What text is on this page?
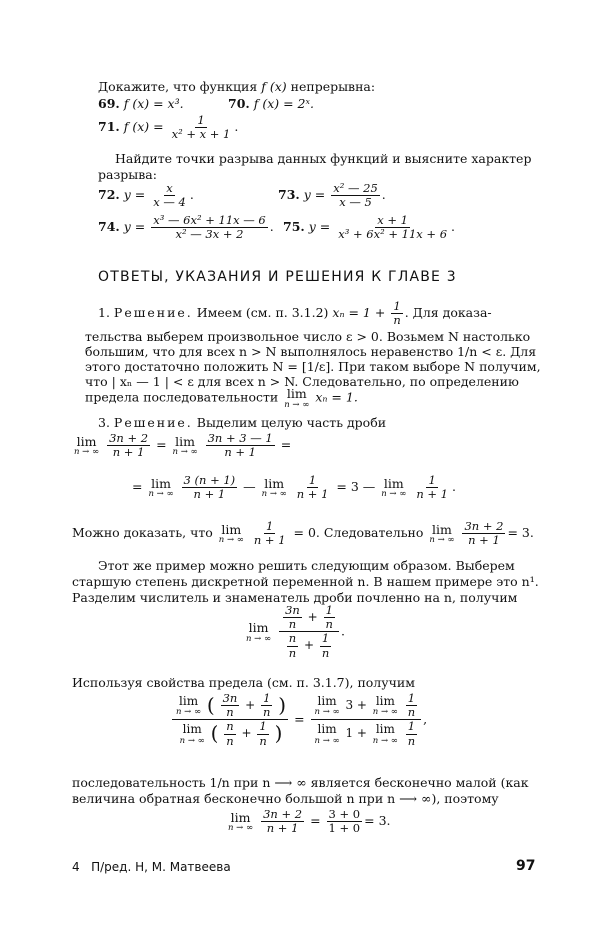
Докажите, что функция f (x) непрерывна:
69. f (x) = x³.	70. f (x) = 2ˣ.
71. f $(x) = \frac{1}{\text{x² + x + 1}}$ .
Найдите точки разрыва данных функций и выясните характер
разрыва:
72. $y = \frac{x}{x — 4}$ .	73. $y = \frac{\text{x² — 25}}{x — 5}$ .
74. $y = \frac{\text{x³ — 6x² + 11x — 6}}{\text{x² — 3x + 2}}$ . 75. $y = \frac{x + 1}{\text{x³ + 6x² + 11x + 6}}$ .
ОТВЕТЫ, УКАЗАНИЯ И РЕШЕНИЯ К ГЛАВЕ 3
1. Решение. Имеем (см. п. 3.1.2) $x_n = 1 + \frac{1}{n}$ . Для доказа-
тельства выберем произвольное число ε > 0. Возьмем N настолько
большим, что для всех n > N выполнялось неравенство 1/n < ε. Для
этого достаточно положить N = [1/ε]. При таком выборе N получим,
что | xₙ — 1 | < ε для всех n > N. Следовательно, по определению
предела последовательности lim
n → ∞
xₙ = 1.
3. Решение. Выделим целую часть дроби
lim
n → ∞
$\frac{3n + 2}{n + 1} = \lim$
n → ∞
$\frac{3n + 3 — 1}{n + 1}$ =
= lim
n → ∞
$\frac{3 (n + 1)}{n + 1}$ — lim
n → ∞
$\frac{1}{n + 1} = 3$ — lim
n → ∞
$\frac{1}{n + 1}$ .
Можно доказать, что lim
n → ∞
$\frac{1}{n + 1} = 0$. Следовательно lim
n → ∞
$\frac{3n + 2}{n + 1} = 3$.
Этот же пример можно решить следующим образом. Выберем
старшую степень дискретной переменной n. В нашем примере это n¹.
Разделим числитель и знаменатель дроби почленно на n, получим
lim
n → ∞
$\frac{\frac{3n}{n} + \frac{1}{n}}{\frac{n}{n} + \frac{1}{n}}$ .
Используя свойства предела (см. п. 3.1.7), получим
lim
n → ∞ ( $\frac{3n}{n} + \frac{1}{n}$ )
lim
n → ∞ ( $\frac{n}{n} + \frac{1}{n}$ )
= lim
n → ∞ 3 + lim
n → ∞
$\frac{1}{n}$
lim
n → ∞ 1 + lim
n → ∞
$\frac{1}{n}$ ,
последовательность 1/n при n ⟶ ∞ является бесконечно малой (как
величина обратная бесконечно большой n при n ⟶ ∞), поэтому
lim
n → ∞
$\frac{3n + 2}{n + 1} = \frac{3 + 0}{1 + 0} = 3$.
4 П/ред. Н, М. Матвеева	97
